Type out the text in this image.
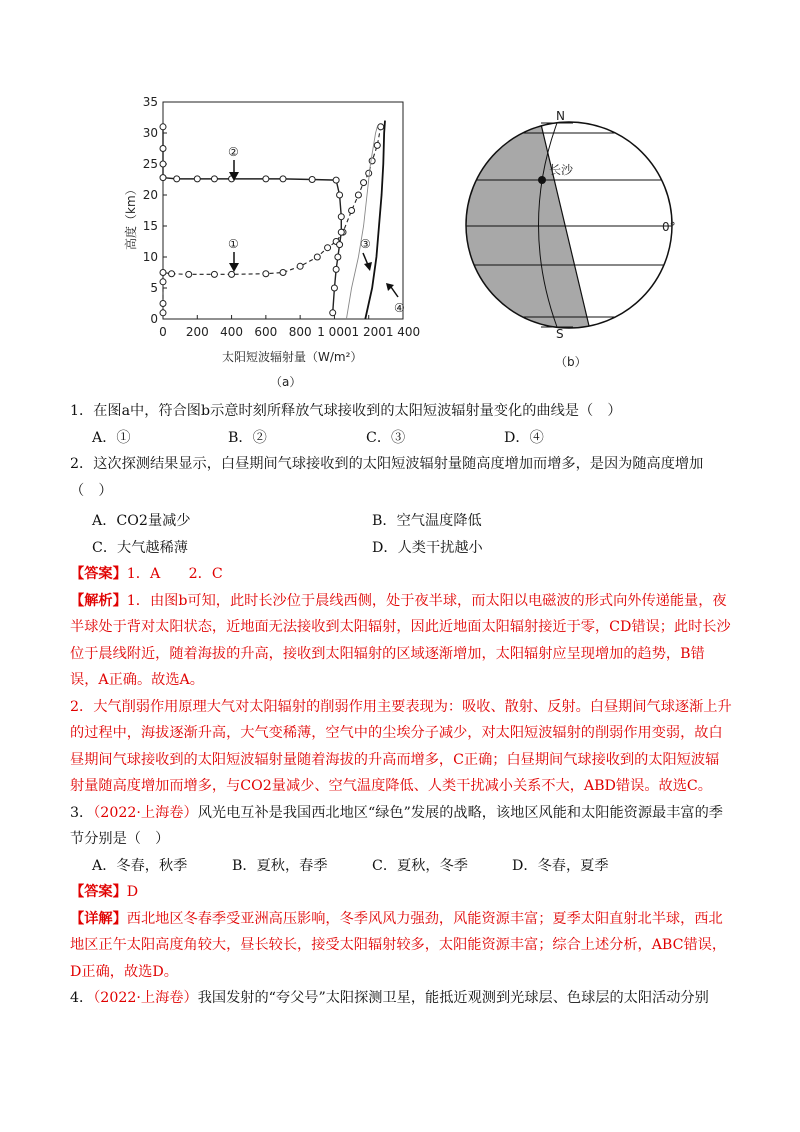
0
5
10
15
20
25
30
35
0 200 400 600 800 1 000 1 200 1 400
高度（km）
太阳短波辐射量（W/m²）
（a）
②
①	③
④
N
S
长沙
0°
（b）

1．在图a中，符合图b示意时刻所释放气球接收到的太阳短波辐射量变化的曲线是（　）

A．①	B．②	C．③	D．④

2．这次探测结果显示，白昼期间气球接收到的太阳短波辐射量随高度增加而增多，是因为随高度增加（　）

A．CO2量减少	B．空气温度降低
C．大气越稀薄	D．人类干扰越小

【答案】1．A　　2．C

【解析】1．由图b可知，此时长沙位于晨线西侧，处于夜半球，而太阳以电磁波的形式向外传递能量，夜半球处于背对太阳状态，近地面无法接收到太阳辐射，因此近地面太阳辐射接近于零，CD错误；此时长沙位于晨线附近，随着海拔的升高，接收到太阳辐射的区域逐渐增加，太阳辐射应呈现增加的趋势，B错误，A正确。故选A。

2．大气削弱作用原理大气对太阳辐射的削弱作用主要表现为：吸收、散射、反射。白昼期间气球逐渐上升的过程中，海拔逐渐升高，大气变稀薄，空气中的尘埃分子减少，对太阳短波辐射的削弱作用变弱，故白昼期间气球接收到的太阳短波辐射量随着海拔的升高而增多，C正确；白昼期间气球接收到的太阳短波辐射量随高度增加而增多，与CO2量减少、空气温度降低、人类干扰减小关系不大，ABD错误。故选C。

3．（2022·上海卷）风光电互补是我国西北地区“绿色”发展的战略，该地区风能和太阳能资源最丰富的季节分别是（　）

A．冬春，秋季	B．夏秋，春季	C．夏秋，冬季	D．冬春，夏季

【答案】D

【详解】西北地区冬春季受亚洲高压影响，冬季风风力强劲，风能资源丰富；夏季太阳直射北半球，西北地区正午太阳高度角较大，昼长较长，接受太阳辐射较多，太阳能资源丰富；综合上述分析，ABC错误，D正确，故选D。

4．（2022·上海卷）我国发射的“夸父号”太阳探测卫星，能抵近观测到光球层、色球层的太阳活动分别
